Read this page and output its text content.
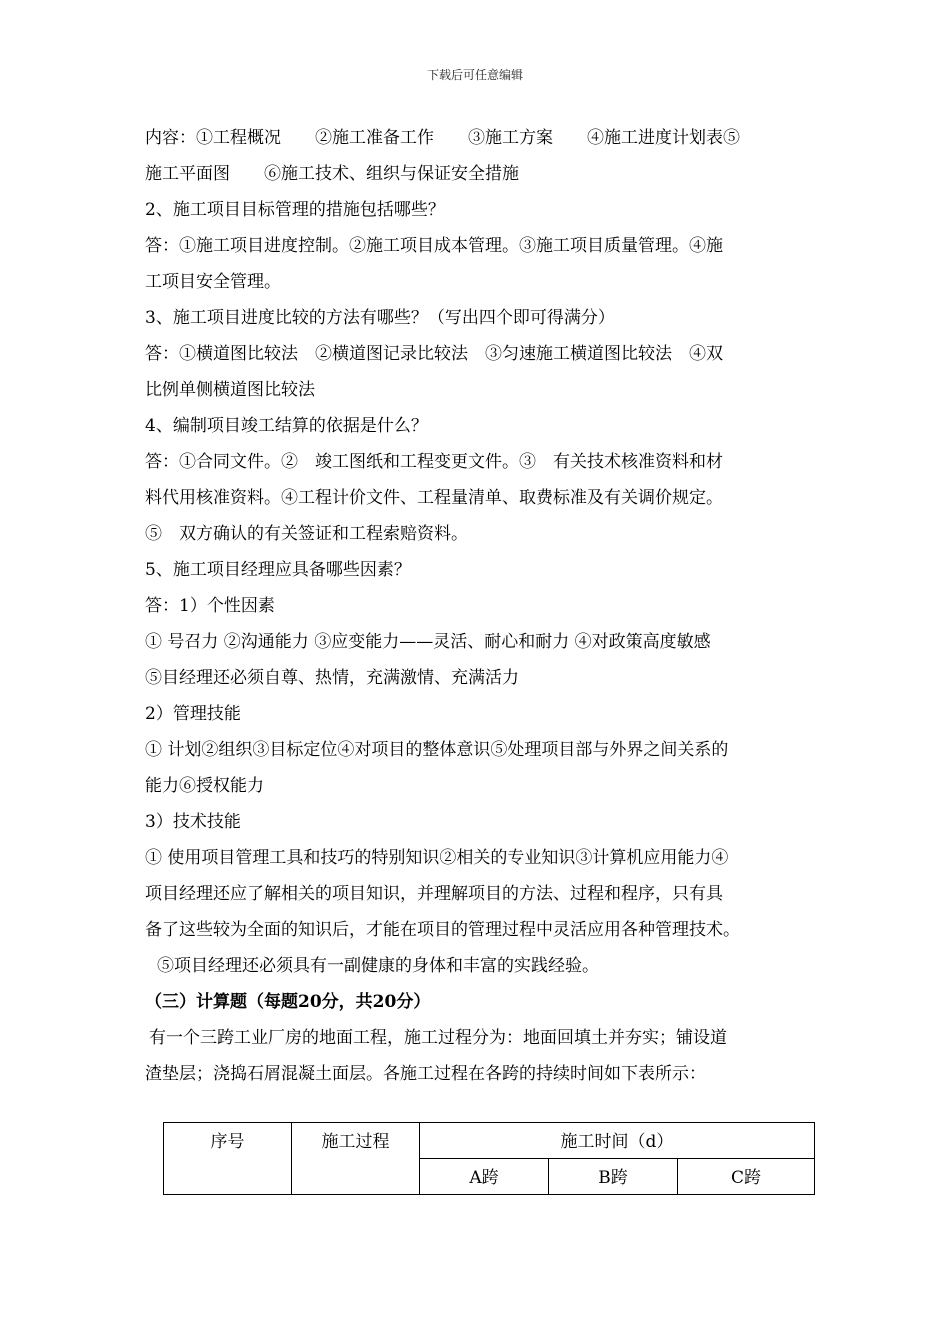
下载后可任意编辑
内容：①工程概况　　②施工准备工作　　③施工方案　　④施工进度计划表⑤
施工平面图　　⑥施工技术、组织与保证安全措施
2、施工项目目标管理的措施包括哪些？
答：①施工项目进度控制。②施工项目成本管理。③施工项目质量管理。④施
工项目安全管理。
3、施工项目进度比较的方法有哪些？（写出四个即可得满分）
答：①横道图比较法　②横道图记录比较法　③匀速施工横道图比较法　④双
比例单侧横道图比较法
4、编制项目竣工结算的依据是什么？
答：①合同文件。②　竣工图纸和工程变更文件。③　有关技术核准资料和材
料代用核准资料。④工程计价文件、工程量清单、取费标准及有关调价规定。
⑤　双方确认的有关签证和工程索赔资料。
5、施工项目经理应具备哪些因素？
答：1）个性因素
① 号召力 ②沟通能力 ③应变能力——灵活、耐心和耐力 ④对政策高度敏感
⑤目经理还必须自尊、热情，充满激情、充满活力
2）管理技能
① 计划②组织③目标定位④对项目的整体意识⑤处理项目部与外界之间关系的
能力⑥授权能力
3）技术技能
① 使用项目管理工具和技巧的特别知识②相关的专业知识③计算机应用能力④
项目经理还应了解相关的项目知识，并理解项目的方法、过程和程序，只有具
备了这些较为全面的知识后，才能在项目的管理过程中灵活应用各种管理技术。
⑤项目经理还必须具有一副健康的身体和丰富的实践经验。
（三）计算题（每题20分，共20分）
有一个三跨工业厂房的地面工程，施工过程分为：地面回填土并夯实；铺设道
渣垫层；浇捣石屑混凝土面层。各施工过程在各跨的持续时间如下表所示：
序号	施工过程	施工时间（d）		
		A跨	B跨	C跨
